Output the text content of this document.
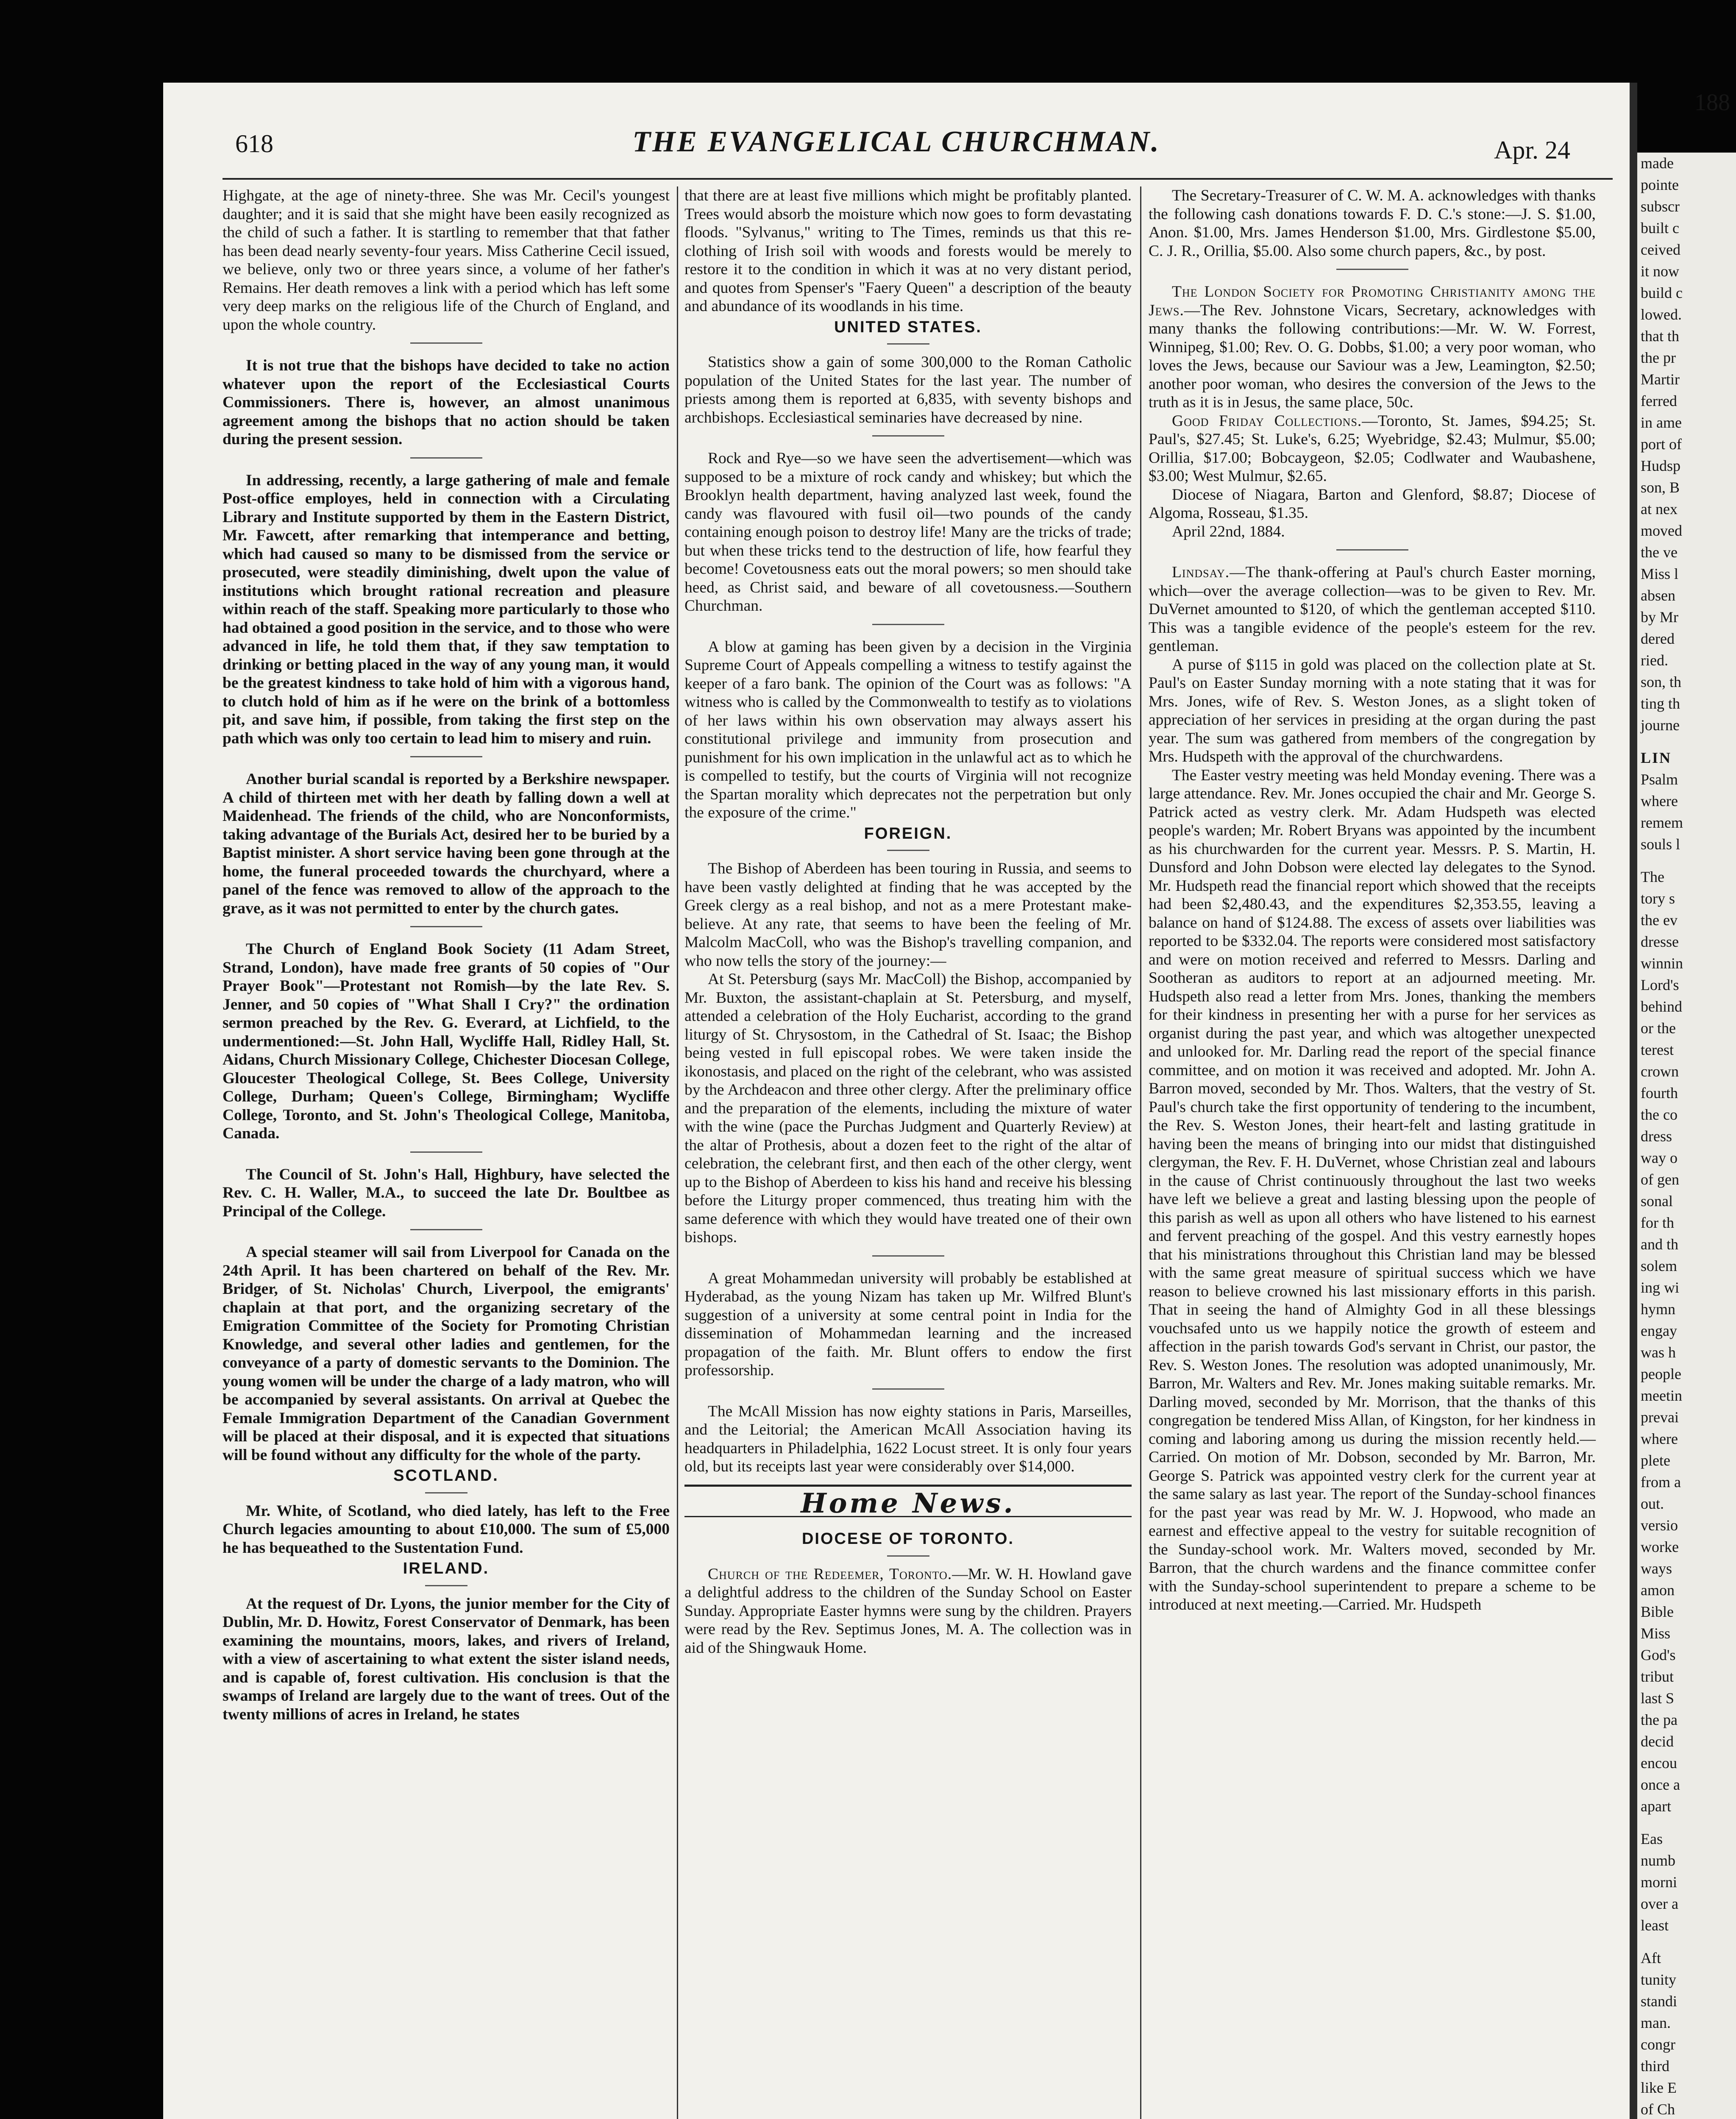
618	THE EVANGELICAL CHURCHMAN.	Apr. 24

Highgate, at the age of ninety-three. She was Mr. Cecil's youngest daughter; and it is said that she might have been easily recognized as the child of such a father. It is startling to remember that that father has been dead nearly seventy-four years. Miss Catherine Cecil issued, we believe, only two or three years since, a volume of her father's Remains. Her death removes a link with a period which has left some very deep marks on the religious life of the Church of England, and upon the whole country.

It is not true that the bishops have decided to take no action whatever upon the report of the Ecclesiastical Courts Commissioners. There is, however, an almost unanimous agreement among the bishops that no action should be taken during the present session.

In addressing, recently, a large gathering of male and female Post-office employes, held in connection with a Circulating Library and Institute supported by them in the Eastern District, Mr. Fawcett, after remarking that intemperance and betting, which had caused so many to be dismissed from the service or prosecuted, were steadily diminishing, dwelt upon the value of institutions which brought rational recreation and pleasure within reach of the staff. Speaking more particularly to those who had obtained a good position in the service, and to those who were advanced in life, he told them that, if they saw temptation to drinking or betting placed in the way of any young man, it would be the greatest kindness to take hold of him with a vigorous hand, to clutch hold of him as if he were on the brink of a bottomless pit, and save him, if possible, from taking the first step on the path which was only too certain to lead him to misery and ruin.

Another burial scandal is reported by a Berkshire newspaper. A child of thirteen met with her death by falling down a well at Maidenhead. The friends of the child, who are Nonconformists, taking advantage of the Burials Act, desired her to be buried by a Baptist minister. A short service having been gone through at the home, the funeral proceeded towards the churchyard, where a panel of the fence was removed to allow of the approach to the grave, as it was not permitted to enter by the church gates.

The Church of England Book Society (11 Adam Street, Strand, London), have made free grants of 50 copies of "Our Prayer Book"—Protestant not Romish—by the late Rev. S. Jenner, and 50 copies of "What Shall I Cry?" the ordination sermon preached by the Rev. G. Everard, at Lichfield, to the undermentioned:—St. John Hall, Wycliffe Hall, Ridley Hall, St. Aidans, Church Missionary College, Chichester Diocesan College, Gloucester Theological College, St. Bees College, University College, Durham; Queen's College, Birmingham; Wycliffe College, Toronto, and St. John's Theological College, Manitoba, Canada.

The Council of St. John's Hall, Highbury, have selected the Rev. C. H. Waller, M.A., to succeed the late Dr. Boultbee as Principal of the College.

A special steamer will sail from Liverpool for Canada on the 24th April. It has been chartered on behalf of the Rev. Mr. Bridger, of St. Nicholas' Church, Liverpool, the emigrants' chaplain at that port, and the organizing secretary of the Emigration Committee of the Society for Promoting Christian Knowledge, and several other ladies and gentlemen, for the conveyance of a party of domestic servants to the Dominion. The young women will be under the charge of a lady matron, who will be accompanied by several assistants. On arrival at Quebec the Female Immigration Department of the Canadian Government will be placed at their disposal, and it is expected that situations will be found without any difficulty for the whole of the party.

SCOTLAND.

Mr. White, of Scotland, who died lately, has left to the Free Church legacies amounting to about £10,000. The sum of £5,000 he has bequeathed to the Sustentation Fund.

IRELAND.

At the request of Dr. Lyons, the junior member for the City of Dublin, Mr. D. Howitz, Forest Conservator of Denmark, has been examining the mountains, moors, lakes, and rivers of Ireland, with a view of ascertaining to what extent the sister island needs, and is capable of, forest cultivation. His conclusion is that the swamps of Ireland are largely due to the want of trees. Out of the twenty millions of acres in Ireland, he states

that there are at least five millions which might be profitably planted. Trees would absorb the moisture which now goes to form devastating floods. "Sylvanus," writing to The Times, reminds us that this re-clothing of Irish soil with woods and forests would be merely to restore it to the condition in which it was at no very distant period, and quotes from Spenser's "Faery Queen" a description of the beauty and abundance of its woodlands in his time.

UNITED STATES.

Statistics show a gain of some 300,000 to the Roman Catholic population of the United States for the last year. The number of priests among them is reported at 6,835, with seventy bishops and archbishops. Ecclesiastical seminaries have decreased by nine.

Rock and Rye—so we have seen the advertisement—which was supposed to be a mixture of rock candy and whiskey; but which the Brooklyn health department, having analyzed last week, found the candy was flavoured with fusil oil—two pounds of the candy containing enough poison to destroy life! Many are the tricks of trade; but when these tricks tend to the destruction of life, how fearful they become! Covetousness eats out the moral powers; so men should take heed, as Christ said, and beware of all covetousness.—Southern Churchman.

A blow at gaming has been given by a decision in the Virginia Supreme Court of Appeals compelling a witness to testify against the keeper of a faro bank. The opinion of the Court was as follows: "A witness who is called by the Commonwealth to testify as to violations of her laws within his own observation may always assert his constitutional privilege and immunity from prosecution and punishment for his own implication in the unlawful act as to which he is compelled to testify, but the courts of Virginia will not recognize the Spartan morality which deprecates not the perpetration but only the exposure of the crime."

FOREIGN.

The Bishop of Aberdeen has been touring in Russia, and seems to have been vastly delighted at finding that he was accepted by the Greek clergy as a real bishop, and not as a mere Protestant make-believe. At any rate, that seems to have been the feeling of Mr. Malcolm MacColl, who was the Bishop's travelling companion, and who now tells the story of the journey:—

At St. Petersburg (says Mr. MacColl) the Bishop, accompanied by Mr. Buxton, the assistant-chaplain at St. Petersburg, and myself, attended a celebration of the Holy Eucharist, according to the grand liturgy of St. Chrysostom, in the Cathedral of St. Isaac; the Bishop being vested in full episcopal robes. We were taken inside the ikonostasis, and placed on the right of the celebrant, who was assisted by the Archdeacon and three other clergy. After the preliminary office and the preparation of the elements, including the mixture of water with the wine (pace the Purchas Judgment and Quarterly Review) at the altar of Prothesis, about a dozen feet to the right of the altar of celebration, the celebrant first, and then each of the other clergy, went up to the Bishop of Aberdeen to kiss his hand and receive his blessing before the Liturgy proper commenced, thus treating him with the same deference with which they would have treated one of their own bishops.

A great Mohammedan university will probably be established at Hyderabad, as the young Nizam has taken up Mr. Wilfred Blunt's suggestion of a university at some central point in India for the dissemination of Mohammedan learning and the increased propagation of the faith. Mr. Blunt offers to endow the first professorship.

The McAll Mission has now eighty stations in Paris, Marseilles, and the Leitorial; the American McAll Association having its headquarters in Philadelphia, 1622 Locust street. It is only four years old, but its receipts last year were considerably over $14,000.

Home News.
DIOCESE OF TORONTO.

Church of the Redeemer, Toronto.—Mr. W. H. Howland gave a delightful address to the children of the Sunday School on Easter Sunday. Appropriate Easter hymns were sung by the children. Prayers were read by the Rev. Septimus Jones, M. A. The collection was in aid of the Shingwauk Home.

The Secretary-Treasurer of C. W. M. A. acknowledges with thanks the following cash donations towards F. D. C.'s stone:—J. S. $1.00, Anon. $1.00, Mrs. James Henderson $1.00, Mrs. Girdlestone $5.00, C. J. R., Orillia, $5.00. Also some church papers, &c., by post.

The London Society for Promoting Christianity among the Jews.—The Rev. Johnstone Vicars, Secretary, acknowledges with many thanks the following contributions:—Mr. W. W. Forrest, Winnipeg, $1.00; Rev. O. G. Dobbs, $1.00; a very poor woman, who loves the Jews, because our Saviour was a Jew, Leamington, $2.50; another poor woman, who desires the conversion of the Jews to the truth as it is in Jesus, the same place, 50c.

Good Friday Collections.—Toronto, St. James, $94.25; St. Paul's, $27.45; St. Luke's, 6.25; Wyebridge, $2.43; Mulmur, $5.00; Orillia, $17.00; Bobcaygeon, $2.05; Codlwater and Waubashene, $3.00; West Mulmur, $2.65.

Diocese of Niagara, Barton and Glenford, $8.87; Diocese of Algoma, Rosseau, $1.35.

April 22nd, 1884.

Lindsay.—The thank-offering at Paul's church Easter morning, which—over the average collection—was to be given to Rev. Mr. DuVernet amounted to $120, of which the gentleman accepted $110. This was a tangible evidence of the people's esteem for the rev. gentleman.

A purse of $115 in gold was placed on the collection plate at St. Paul's on Easter Sunday morning with a note stating that it was for Mrs. Jones, wife of Rev. S. Weston Jones, as a slight token of appreciation of her services in presiding at the organ during the past year. The sum was gathered from members of the congregation by Mrs. Hudspeth with the approval of the churchwardens.

The Easter vestry meeting was held Monday evening. There was a large attendance. Rev. Mr. Jones occupied the chair and Mr. George S. Patrick acted as vestry clerk. Mr. Adam Hudspeth was elected people's warden; Mr. Robert Bryans was appointed by the incumbent as his churchwarden for the current year. Messrs. P. S. Martin, H. Dunsford and John Dobson were elected lay delegates to the Synod. Mr. Hudspeth read the financial report which showed that the receipts had been $2,480.43, and the expenditures $2,353.55, leaving a balance on hand of $124.88. The excess of assets over liabilities was reported to be $332.04. The reports were considered most satisfactory and were on motion received and referred to Messrs. Darling and Sootheran as auditors to report at an adjourned meeting. Mr. Hudspeth also read a letter from Mrs. Jones, thanking the members for their kindness in presenting her with a purse for her services as organist during the past year, and which was altogether unexpected and unlooked for. Mr. Darling read the report of the special finance committee, and on motion it was received and adopted. Mr. John A. Barron moved, seconded by Mr. Thos. Walters, that the vestry of St. Paul's church take the first opportunity of tendering to the incumbent, the Rev. S. Weston Jones, their heart-felt and lasting gratitude in having been the means of bringing into our midst that distinguished clergyman, the Rev. F. H. DuVernet, whose Christian zeal and labours in the cause of Christ continuously throughout the last two weeks have left we believe a great and lasting blessing upon the people of this parish as well as upon all others who have listened to his earnest and fervent preaching of the gospel. And this vestry earnestly hopes that his ministrations throughout this Christian land may be blessed with the same great measure of spiritual success which we have reason to believe crowned his last missionary efforts in this parish. That in seeing the hand of Almighty God in all these blessings vouchsafed unto us we happily notice the growth of esteem and affection in the parish towards God's servant in Christ, our pastor, the Rev. S. Weston Jones. The resolution was adopted unanimously, Mr. Barron, Mr. Walters and Rev. Mr. Jones making suitable remarks. Mr. Darling moved, seconded by Mr. Morrison, that the thanks of this congregation be tendered Miss Allan, of Kingston, for her kindness in coming and laboring among us during the mission recently held.—Carried. On motion of Mr. Dobson, seconded by Mr. Barron, Mr. George S. Patrick was appointed vestry clerk for the current year at the same salary as last year. The report of the Sunday-school finances for the past year was read by Mr. W. J. Hopwood, who made an earnest and effective appeal to the vestry for suitable recognition of the Sunday-school work. Mr. Walters moved, seconded by Mr. Barron, that the church wardens and the finance committee confer with the Sunday-school superintendent to prepare a scheme to be introduced at next meeting.—Carried. Mr. Hudspeth

188
made
pointe
subscr
built c
ceived
it now
build c
lowed.
that th
the pr
Martir
ferred
in ame
port of
Hudsp
son, B
at nex
moved
the ve
Miss l
absen
by Mr
dered
ried.
son, th
ting th
journe
LIN
Psalm
where
remem
souls l
The
tory s
the ev
dresse
winnin
Lord's
behind
or the
terest
crown
fourth
the co
dress
way o
of gen
sonal
for th
and th
solem
ing wi
hymn
engay
was h
people
meetin
prevai
where
plete
from a
out.
versio
worke
ways
amon
Bible
Miss
God's
tribut
last S
the pa
decid
encou
once a
apart
Eas
numb
morni
over a
least
Aft
tunity
standi
man.
congr
third
like E
of Ch
